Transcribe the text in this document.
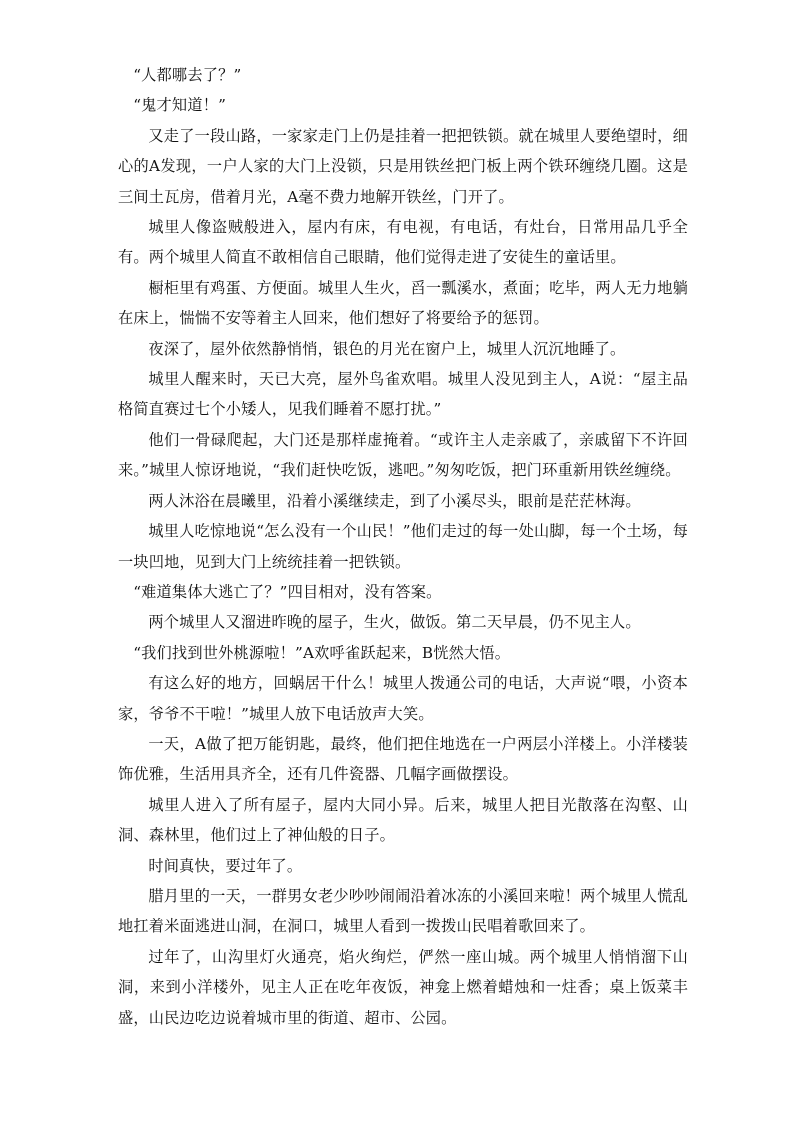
“人都哪去了？”

“鬼才知道！”

又走了一段山路，一家家走门上仍是挂着一把把铁锁。就在城里人要绝望时，细心的A发现，一户人家的大门上没锁，只是用铁丝把门板上两个铁环缠绕几圈。这是三间土瓦房，借着月光，A毫不费力地解开铁丝，门开了。

城里人像盗贼般进入，屋内有床，有电视，有电话，有灶台，日常用品几乎全有。两个城里人简直不敢相信自己眼睛，他们觉得走进了安徒生的童话里。

橱柜里有鸡蛋、方便面。城里人生火，舀一瓢溪水，煮面；吃毕，两人无力地躺在床上，惴惴不安等着主人回来，他们想好了将要给予的惩罚。

夜深了，屋外依然静悄悄，银色的月光在窗户上，城里人沉沉地睡了。

城里人醒来时，天已大亮，屋外鸟雀欢唱。城里人没见到主人，A说：“屋主品格简直赛过七个小矮人，见我们睡着不愿打扰。”

他们一骨碌爬起，大门还是那样虚掩着。“或许主人走亲戚了，亲戚留下不许回来。”城里人惊讶地说，“我们赶快吃饭，逃吧。”匆匆吃饭，把门环重新用铁丝缠绕。

两人沐浴在晨曦里，沿着小溪继续走，到了小溪尽头，眼前是茫茫林海。

城里人吃惊地说“怎么没有一个山民！”他们走过的每一处山脚，每一个土场，每一块凹地，见到大门上统统挂着一把铁锁。

“难道集体大逃亡了？”四目相对，没有答案。

两个城里人又溜进昨晚的屋子，生火，做饭。第二天早晨，仍不见主人。

“我们找到世外桃源啦！”A欢呼雀跃起来，B恍然大悟。

有这么好的地方，回蜗居干什么！城里人拨通公司的电话，大声说“喂，小资本家，爷爷不干啦！”城里人放下电话放声大笑。

一天，A做了把万能钥匙，最终，他们把住地选在一户两层小洋楼上。小洋楼装饰优雅，生活用具齐全，还有几件瓷器、几幅字画做摆设。

城里人进入了所有屋子，屋内大同小异。后来，城里人把目光散落在沟壑、山洞、森林里，他们过上了神仙般的日子。

时间真快，要过年了。

腊月里的一天，一群男女老少吵吵闹闹沿着冰冻的小溪回来啦！两个城里人慌乱地扛着米面逃进山洞，在洞口，城里人看到一拨拨山民唱着歌回来了。

过年了，山沟里灯火通亮，焰火绚烂，俨然一座山城。两个城里人悄悄溜下山洞，来到小洋楼外，见主人正在吃年夜饭，神龛上燃着蜡烛和一炷香；桌上饭菜丰盛，山民边吃边说着城市里的街道、超市、公园。
